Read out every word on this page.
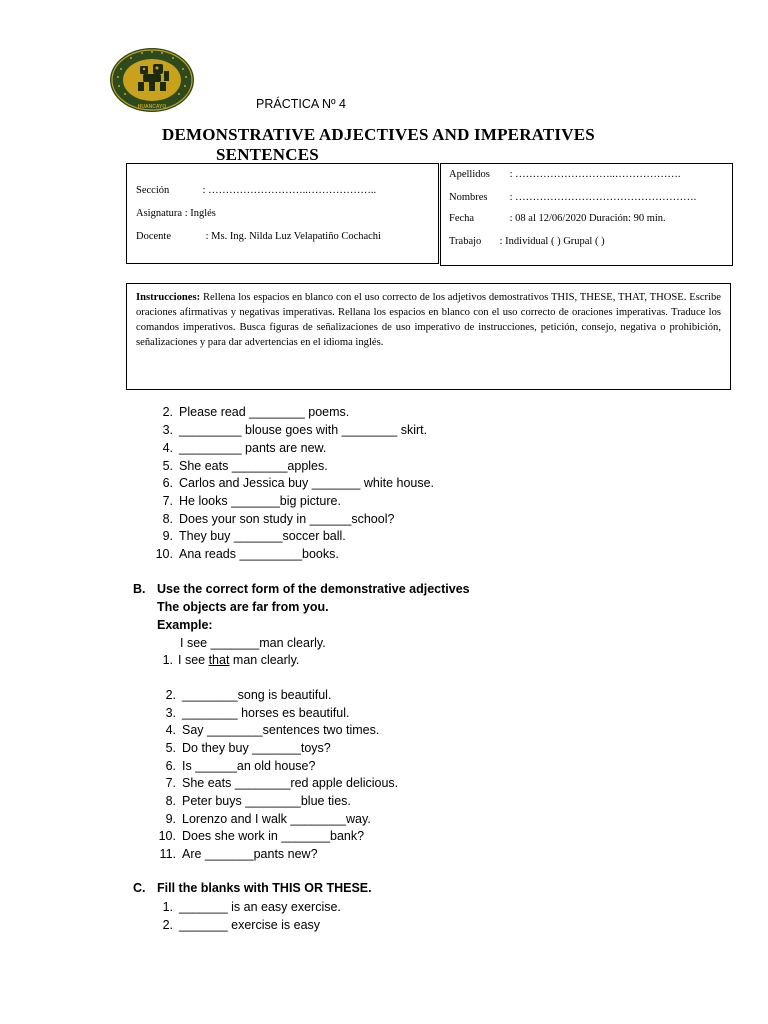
HUANCAYO	PRÁCTICA Nº 4
DEMONSTRATIVE ADJECTIVES AND IMPERATIVES
SENTENCES
Sección	: ………………………..………………..
Asignatura : Inglés
Docente	: Ms. Ing. Nilda Luz Velapatiño Cochachi
Apellidos : ………………………..……………….
Nombres : …………………………………………….
Fecha	: 08 al 12/06/2020 Duración: 90 min.
Trabajo : Individual ( ) Grupal ( )
Instrucciones: Rellena los espacios en blanco con el uso correcto de los adjetivos demostrativos THIS, THESE, THAT, THOSE. Escribe oraciones afirmativas y negativas imperativas. Rellana los espacios en blanco con el uso correcto de oraciones imperativas. Traduce los comandos imperativos. Busca figuras de señalizaciones de uso imperativo de instrucciones, petición, consejo, negativa o prohibición, señalizaciones y para dar advertencias en el idioma inglés.
2. Please read ________ poems.
3. _________ blouse goes with ________ skirt.
4. _________ pants are new.
5. She eats ________apples.
6. Carlos and Jessica buy _______ white house.
7. He looks _______big picture.
8. Does your son study in ______school?
9. They buy _______soccer ball.
10. Ana reads _________books.
B. Use the correct form of the demonstrative adjectives
The objects are far from you.
Example:
I see _______man clearly.
1. I see that man clearly.
2. ________song is beautiful.
3. ________ horses es beautiful.
4. Say ________sentences two times.
5. Do they buy _______toys?
6. Is ______an old house?
7. She eats ________red apple delicious.
8. Peter buys ________blue ties.
9. Lorenzo and I walk ________way.
10. Does she work in _______bank?
11. Are _______pants new?
C. Fill the blanks with THIS OR THESE.
1. _______ is an easy exercise.
2. _______ exercise is easy
